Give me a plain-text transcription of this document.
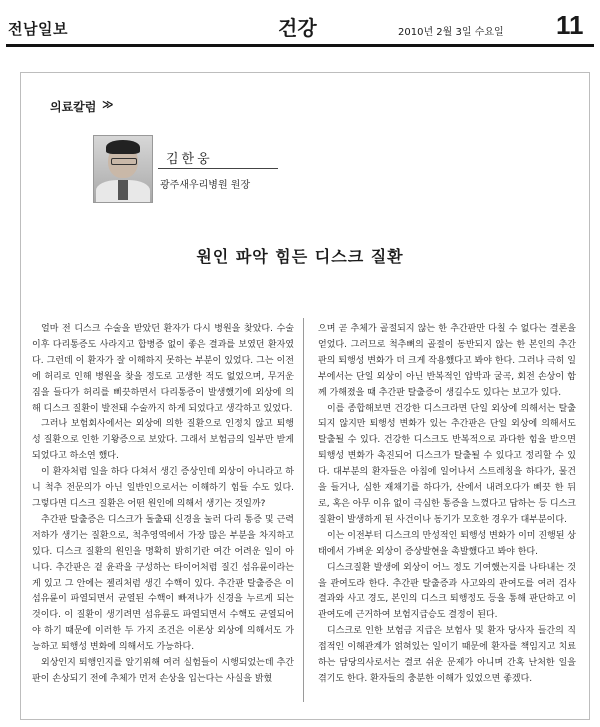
전남일보	건강	2010년 2월 3일 수요일 11
의료칼럼 ≫
김한웅
광주새우리병원 원장
원인 파악 힘든 디스크 질환

얼마 전 디스크 수술을 받았던 환자가 다시 병원을 찾았다. 수술 이후 다리통증도 사라지고 합병증 없이 좋은 결과를 보였던 환자였다. 그런데 이 환자가 잘 이해하지 못하는 부분이 있었다. 그는 이전에 허리로 인해 병원을 찾을 정도로 고생한 적도 없었으며, 무거운 짐을 들다가 허리를 삐끗하면서 다리통증이 발생했기에 외상에 의해 디스크 질환이 발전돼 수술까지 하게 되었다고 생각하고 있었다.

그러나 보험회사에서는 외상에 의한 질환으로 인정치 않고 퇴행성 질환으로 인한 기왕증으로 보았다. 그래서 보험금의 일부만 받게 되었다고 하소연 했다.

이 환자처럼 일을 하다 다쳐서 생긴 증상인데 외상이 아니라고 하니 척추 전문의가 아닌 일반인으로서는 이해하기 힘들 수도 있다. 그렇다면 디스크 질환은 어떤 원인에 의해서 생기는 것일까?

추간판 탈출증은 디스크가 돌출돼 신경을 눌러 다리 통증 및 근력저하가 생기는 질환으로, 척추영역에서 가장 많은 부분을 차지하고 있다. 디스크 질환의 원인을 명확히 밝히기란 여간 어려운 일이 아니다. 추간판은 겉 윤곽을 구성하는 타이어처럼 질긴 섬유륜이라는 게 있고 그 안에는 젤리처럼 생긴 수핵이 있다. 추간판 탈출증은 이 섬유륜이 파열되면서 균열된 수핵이 빠져나가 신경을 누르게 되는 것이다. 이 질환이 생기려면 섬유륜도 파열되면서 수핵도 균열되어야 하기 때문에 이러한 두 가지 조건은 이론상 외상에 의해서도 가능하고 퇴행성 변화에 의해서도 가능하다.

외상인지 퇴행인지를 알기위해 여러 실험들이 시행되었는데 추간판이 손상되기 전에 추체가 먼저 손상을 입는다는 사실을 밝혔

으며 곧 추체가 골절되지 않는 한 추간판만 다칠 수 없다는 결론을 얻었다. 그러므로 척추뼈의 골절이 동반되지 않는 한 본인의 추간판의 퇴행성 변화가 더 크게 작용했다고 봐야 한다. 그러나 극히 일부에서는 단일 외상이 아닌 반복적인 압박과 굴곡, 회전 손상이 함께 가해졌을 때 추간판 탈출증이 생길수도 있다는 보고가 있다.

이를 종합해보면 건강한 디스크라면 단일 외상에 의해서는 탈출되지 않지만 퇴행성 변화가 있는 추간판은 단일 외상에 의해서도 탈출될 수 있다. 건강한 디스크도 반복적으로 과다한 힘을 받으면 퇴행성 변화가 촉진되어 디스크가 탈출될 수 있다고 정리할 수 있다. 대부분의 환자들은 아침에 일어나서 스트레칭을 하다가, 물건을 들거나, 심한 재채기를 하다가, 산에서 내려오다가 삐끗 한 뒤로, 혹은 아무 이유 없이 극심한 통증을 느꼈다고 답하는 등 디스크 질환이 발생하게 된 사건이나 동기가 모호한 경우가 대부분이다.

이는 이전부터 디스크의 만성적인 퇴행성 변화가 이미 진행된 상태에서 가벼운 외상이 증상발현을 촉발했다고 봐야 한다.

디스크질환 발생에 외상이 어느 정도 기여했는지를 나타내는 것을 관여도라 한다. 추간판 탈출증과 사고와의 관여도를 여러 검사결과와 사고 경도, 본인의 디스크 퇴행정도 등을 통해 판단하고 이 관여도에 근거하여 보험지급승도 결정이 된다.

디스크로 인한 보험금 지급은 보험사 및 환자 당사자 들간의 직접적인 이해관계가 얽혀있는 일이기 때문에 환자를 책임지고 치료하는 담당의사로서는 결코 쉬운 문제가 아니며 간혹 난처한 일을 겪기도 한다. 환자들의 충분한 이해가 있었으면 좋겠다.
